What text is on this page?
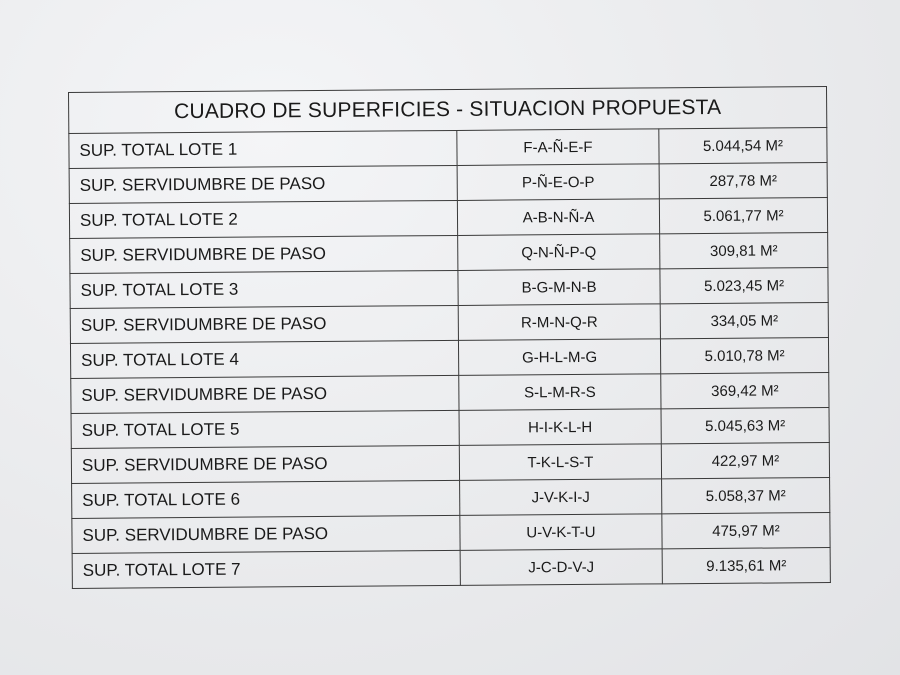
CUADRO DE SUPERFICIES - SITUACION PROPUESTA		
SUP. TOTAL LOTE 1	F-A-Ñ-E-F	5.044,54 M²
SUP. SERVIDUMBRE DE PASO	P-Ñ-E-O-P	287,78 M²
SUP. TOTAL LOTE 2	A-B-N-Ñ-A	5.061,77 M²
SUP. SERVIDUMBRE DE PASO	Q-N-Ñ-P-Q	309,81 M²
SUP. TOTAL LOTE 3	B-G-M-N-B	5.023,45 M²
SUP. SERVIDUMBRE DE PASO	R-M-N-Q-R	334,05 M²
SUP. TOTAL LOTE 4	G-H-L-M-G	5.010,78 M²
SUP. SERVIDUMBRE DE PASO	S-L-M-R-S	369,42 M²
SUP. TOTAL LOTE 5	H-I-K-L-H	5.045,63 M²
SUP. SERVIDUMBRE DE PASO	T-K-L-S-T	422,97 M²
SUP. TOTAL LOTE 6	J-V-K-I-J	5.058,37 M²
SUP. SERVIDUMBRE DE PASO	U-V-K-T-U	475,97 M²
SUP. TOTAL LOTE 7	J-C-D-V-J	9.135,61 M²
